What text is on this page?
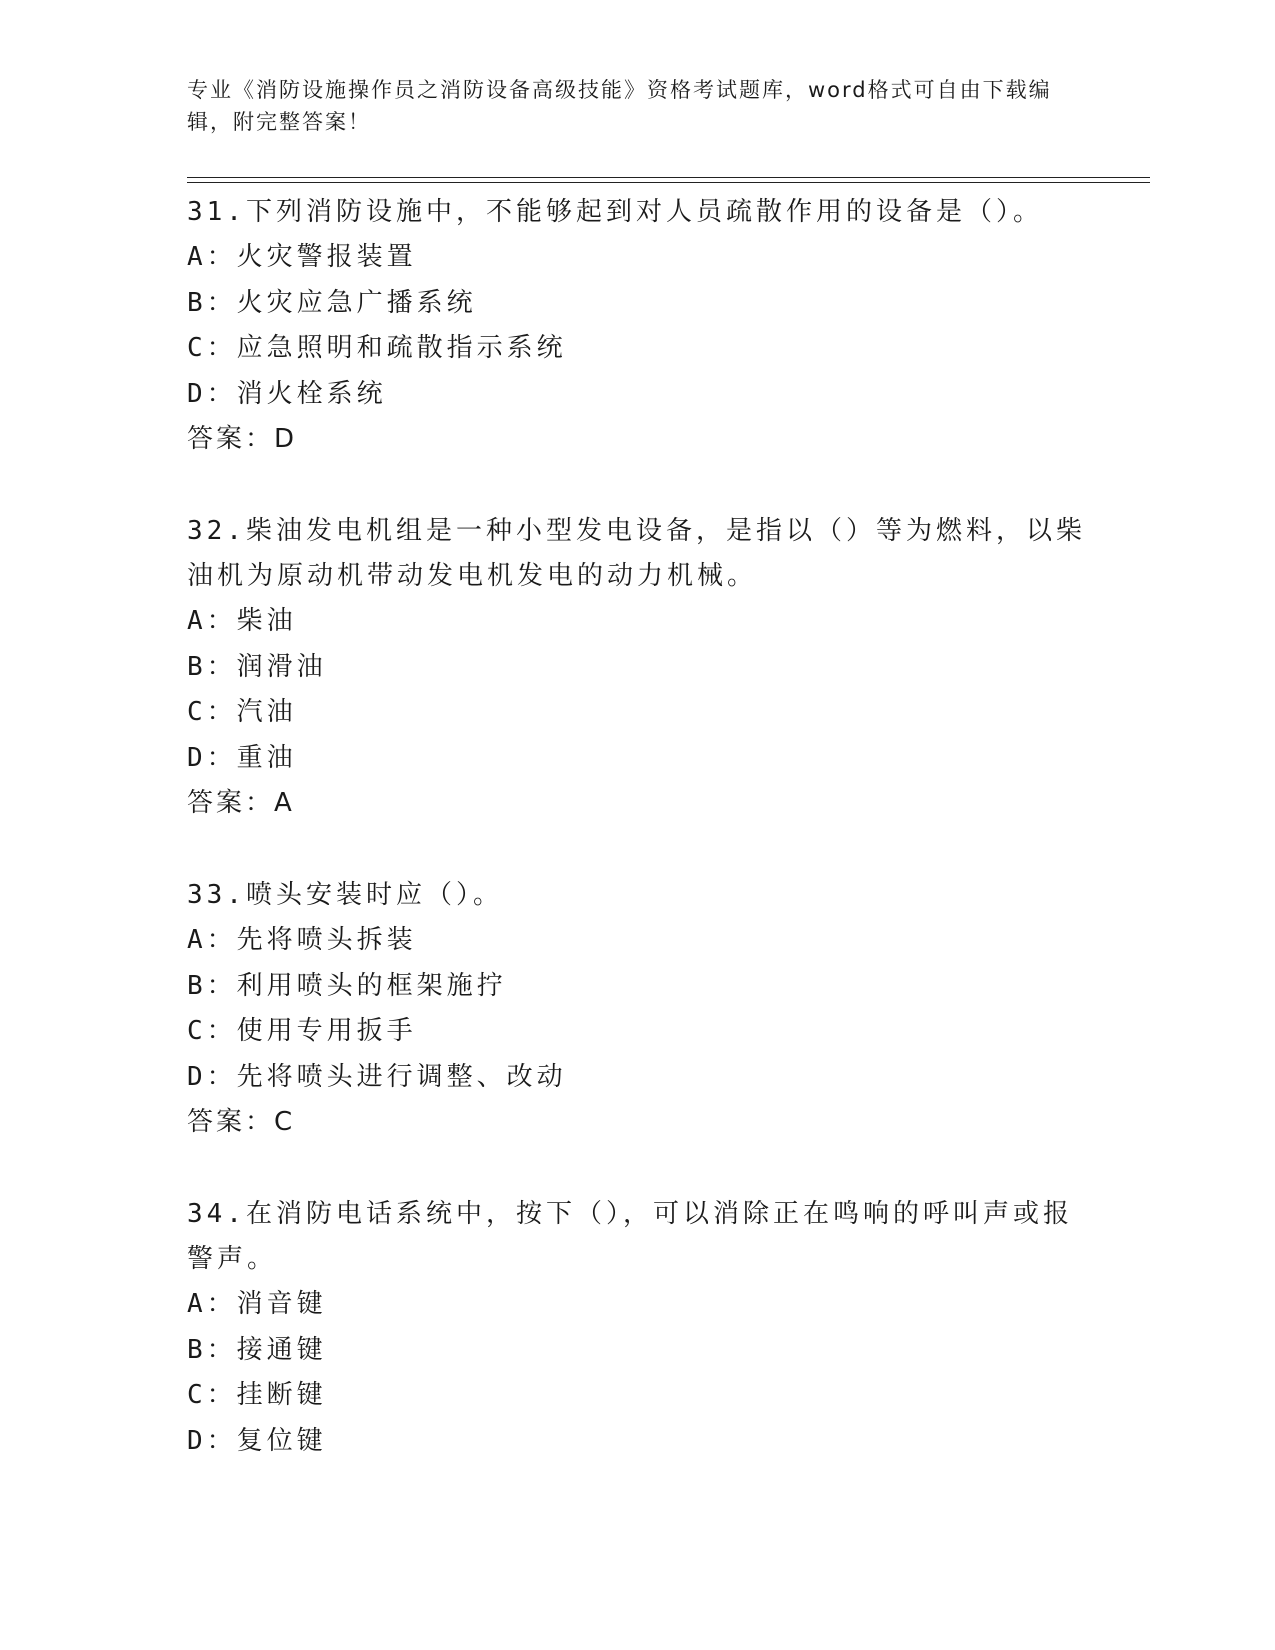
专业《消防设施操作员之消防设备高级技能》资格考试题库，word格式可自由下载编辑，附完整答案！

31.下列消防设施中，不能够起到对人员疏散作用的设备是（）。

A：火灾警报装置

B：火灾应急广播系统

C：应急照明和疏散指示系统

D：消火栓系统

答案：D

32.柴油发电机组是一种小型发电设备，是指以（）等为燃料，以柴油机为原动机带动发电机发电的动力机械。

A：柴油

B：润滑油

C：汽油

D：重油

答案：A

33.喷头安装时应（）。

A：先将喷头拆装

B：利用喷头的框架施拧

C：使用专用扳手

D：先将喷头进行调整、改动

答案：C

34.在消防电话系统中，按下（），可以消除正在鸣响的呼叫声或报警声。

A：消音键

B：接通键

C：挂断键

D：复位键
